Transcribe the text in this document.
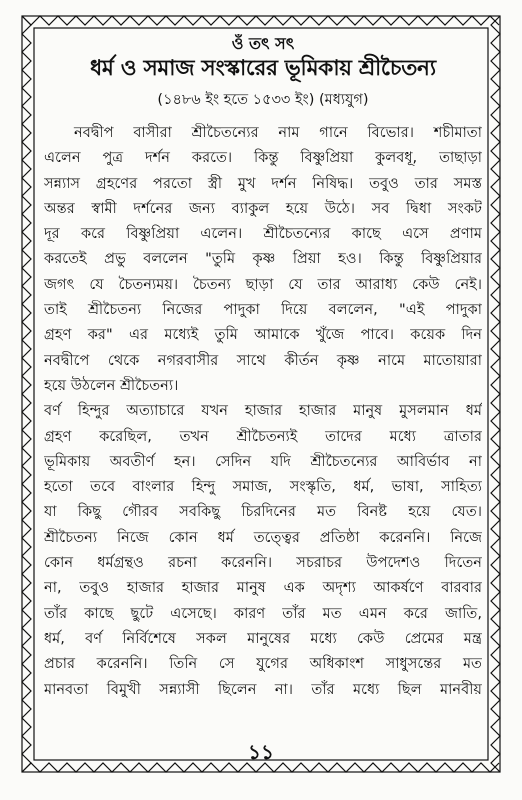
ওঁ তৎ সৎ

ধর্ম ও সমাজ সংস্কারের ভূমিকায় শ্রীচৈতন্য

(১৪৮৬ ইং হতে ১৫৩৩ ইং) (মধ্যযুগ)

নবদ্বীপ বাসীরা শ্রীচৈতন্যের নাম গানে বিভোর। শচীমাতা
এলেন পুত্র দর্শন করতে। কিন্তু বিষ্ণুপ্রিয়া কুলবধূ, তাছাড়া
সন্ন্যাস গ্রহণের পরতো স্ত্রী মুখ দর্শন নিষিদ্ধ। তবুও তার সমস্ত
অন্তর স্বামী দর্শনের জন্য ব্যাকুল হয়ে উঠে। সব দ্বিধা সংকট
দূর করে বিষ্ণুপ্রিয়া এলেন। শ্রীচৈতন্যের কাছে এসে প্রণাম
করতেই প্রভু বললেন "তুমি কৃষ্ণ প্রিয়া হও। কিন্তু বিষ্ণুপ্রিয়ার
জগৎ যে চৈতন্যময়। চৈতন্য ছাড়া যে তার আরাধ্য কেউ নেই।
তাই শ্রীচৈতন্য নিজের পাদুকা দিয়ে বললেন, "এই পাদুকা
গ্রহণ কর" এর মধ্যেই তুমি আমাকে খুঁজে পাবে। কয়েক দিন
নবদ্বীপে থেকে নগরবাসীর সাথে কীর্তন কৃষ্ণ নামে মাতোয়ারা
হয়ে উঠলেন শ্রীচৈতন্য।
বর্ণ হিন্দুর অত্যাচারে যখন হাজার হাজার মানুষ মুসলমান ধর্ম
গ্রহণ করেছিল, তখন শ্রীচৈতন্যই তাদের মধ্যে ত্রাতার
ভূমিকায় অবতীর্ণ হন। সেদিন যদি শ্রীচৈতন্যের আবির্ভাব না
হতো তবে বাংলার হিন্দু সমাজ, সংস্কৃতি, ধর্ম, ভাষা, সাহিত্য
যা কিছু গৌরব সবকিছু চিরদিনের মত বিনষ্ট হয়ে যেত।
শ্রীচৈতন্য নিজে কোন ধর্ম তত্ত্বের প্রতিষ্ঠা করেননি। নিজে
কোন ধর্মগ্রন্থও রচনা করেননি। সচরাচর উপদেশও দিতেন
না, তবুও হাজার হাজার মানুষ এক অদৃশ্য আকর্ষণে বারবার
তাঁর কাছে ছুটে এসেছে। কারণ তাঁর মত এমন করে জাতি,
ধর্ম, বর্ণ নির্বিশেষে সকল মানুষের মধ্যে কেউ প্রেমের মন্ত্র
প্রচার করেননি। তিনি সে যুগের অধিকাংশ সাধুসন্তের মত
মানবতা বিমুখী সন্ন্যাসী ছিলেন না। তাঁর মধ্যে ছিল মানবীয়
১১
